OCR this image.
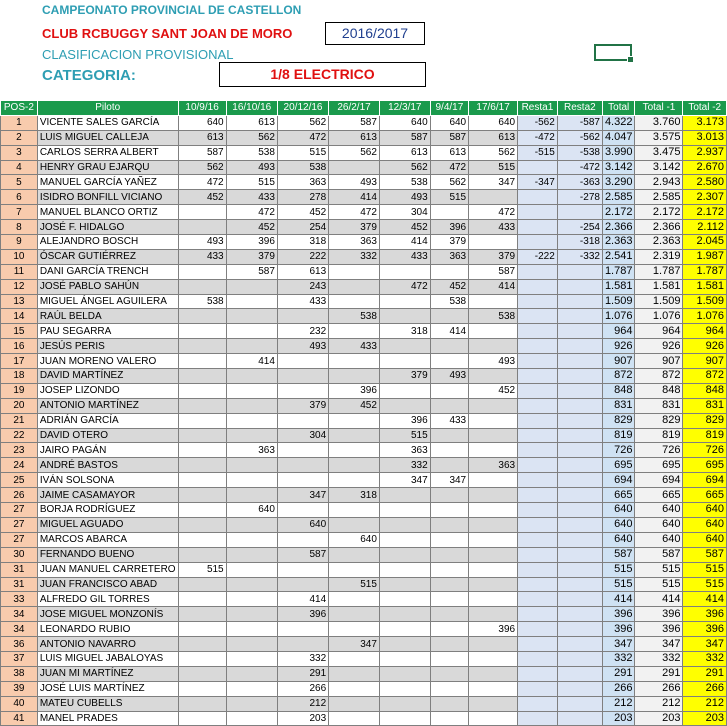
CAMPEONATO PROVINCIAL DE CASTELLON
CLUB RCBUGGY SANT JOAN DE MORO
CLASIFICACION PROVISIONAL
CATEGORIA:
2016/2017
1/8 ELECTRICO
POS-2	Piloto	10/9/16	16/10/16	20/12/16	26/2/17	12/3/17	9/4/17	17/6/17	Resta1	Resta2	Total	Total -1	Total -2
1	VICENTE SALES GARCÍA	640	613	562	587	640	640	640	-562	-587	4.322	3.760	3.173
2	LUIS MIGUEL CALLEJA	613	562	472	613	587	587	613	-472	-562	4.047	3.575	3.013
3	CARLOS SERRA ALBERT	587	538	515	562	613	613	562	-515	-538	3.990	3.475	2.937
4	HENRY GRAU EJARQU	562	493	538		562	472	515		-472	3.142	3.142	2.670
5	MANUEL GARCÍA YAÑEZ	472	515	363	493	538	562	347	-347	-363	3.290	2.943	2.580
6	ISIDRO BONFILL VICIANO	452	433	278	414	493	515			-278	2.585	2.585	2.307
7	MANUEL BLANCO ORTIZ		472	452	472	304		472			2.172	2.172	2.172
8	JOSÉ F. HIDALGO		452	254	379	452	396	433		-254	2.366	2.366	2.112
9	ALEJANDRO BOSCH	493	396	318	363	414	379			-318	2.363	2.363	2.045
10	ÓSCAR GUTIÉRREZ	433	379	222	332	433	363	379	-222	-332	2.541	2.319	1.987
11	DANI GARCÍA TRENCH		587	613				587			1.787	1.787	1.787
12	JOSÉ PABLO SAHÚN			243		472	452	414			1.581	1.581	1.581
13	MIGUEL ÁNGEL AGUILERA	538		433			538				1.509	1.509	1.509
14	RAÚL BELDA				538			538			1.076	1.076	1.076
15	PAU SEGARRA			232		318	414				964	964	964
16	JESÚS PERIS			493	433						926	926	926
17	JUAN MORENO VALERO		414					493			907	907	907
18	DAVID MARTÍNEZ					379	493				872	872	872
19	JOSEP LIZONDO				396			452			848	848	848
20	ANTONIO MARTÍNEZ			379	452						831	831	831
21	ADRIÁN GARCÍA					396	433				829	829	829
22	DAVID OTERO			304		515					819	819	819
23	JAIRO PAGÁN		363			363					726	726	726
24	ANDRÉ BASTOS					332		363			695	695	695
25	IVÁN SOLSONA					347	347				694	694	694
26	JAIME CASAMAYOR			347	318						665	665	665
27	BORJA RODRÍGUEZ		640								640	640	640
27	MIGUEL AGUADO			640							640	640	640
27	MARCOS ABARCA				640						640	640	640
30	FERNANDO BUENO			587							587	587	587
31	JUAN MANUEL CARRETERO	515									515	515	515
31	JUAN FRANCISCO ABAD				515						515	515	515
33	ALFREDO GIL TORRES			414							414	414	414
34	JOSE MIGUEL MONZONÍS			396							396	396	396
34	LEONARDO RUBIO							396			396	396	396
36	ANTONIO NAVARRO				347						347	347	347
37	LUIS MIGUEL JABALOYAS			332							332	332	332
38	JUAN MI MARTÍNEZ			291							291	291	291
39	JOSÉ LUIS MARTÍNEZ			266							266	266	266
40	MATEU CUBELLS			212							212	212	212
41	MANEL PRADES			203							203	203	203
